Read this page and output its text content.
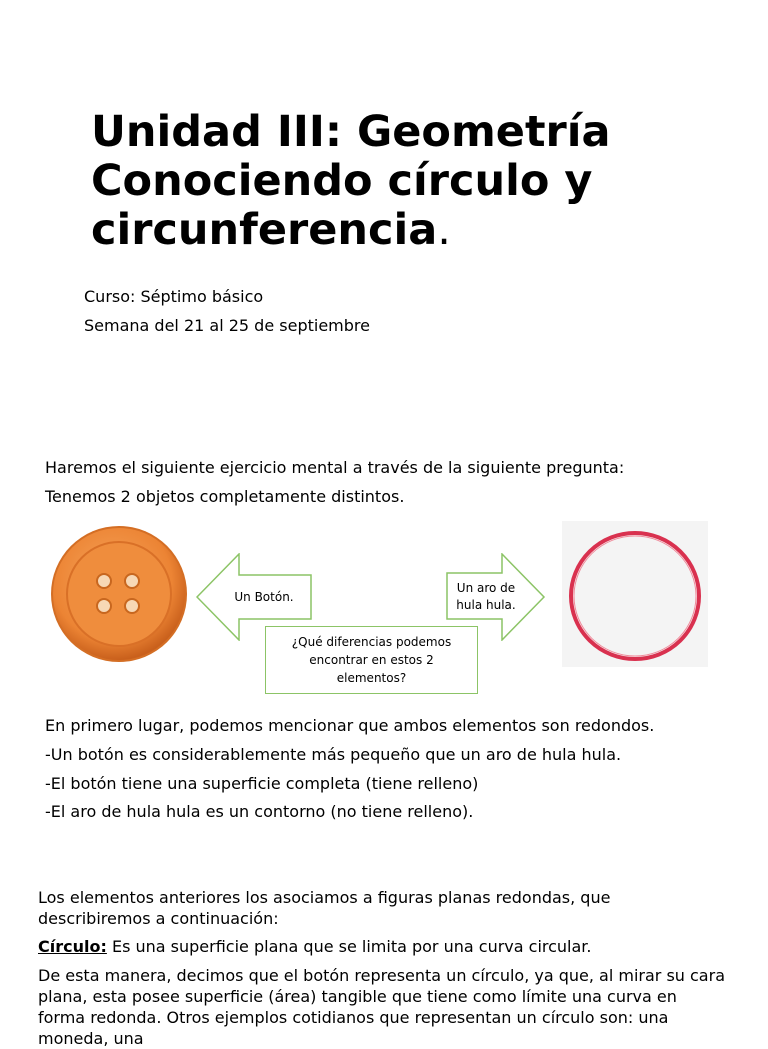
Unidad III: Geometría
Conociendo círculo y
circunferencia.
Curso: Séptimo básico
Semana del 21 al 25 de septiembre
Haremos el siguiente ejercicio mental a través de la siguiente pregunta:
Tenemos 2 objetos completamente distintos.
Un Botón.
Un aro de
hula hula.
¿Qué diferencias podemos encontrar en estos 2 elementos?
En primero lugar, podemos mencionar que ambos elementos son redondos.
-Un botón es considerablemente más pequeño que un aro de hula hula.
-El botón tiene una superficie completa (tiene relleno)
-El aro de hula hula es un contorno (no tiene relleno).
Los elementos anteriores los asociamos a figuras planas redondas, que describiremos a continuación:
Círculo: Es una superficie plana que se limita por una curva circular.
De esta manera, decimos que el botón representa un círculo, ya que, al mirar su cara plana, esta posee superficie (área) tangible que tiene como límite una curva en forma redonda. Otros ejemplos cotidianos que representan un círculo son: una moneda, una
